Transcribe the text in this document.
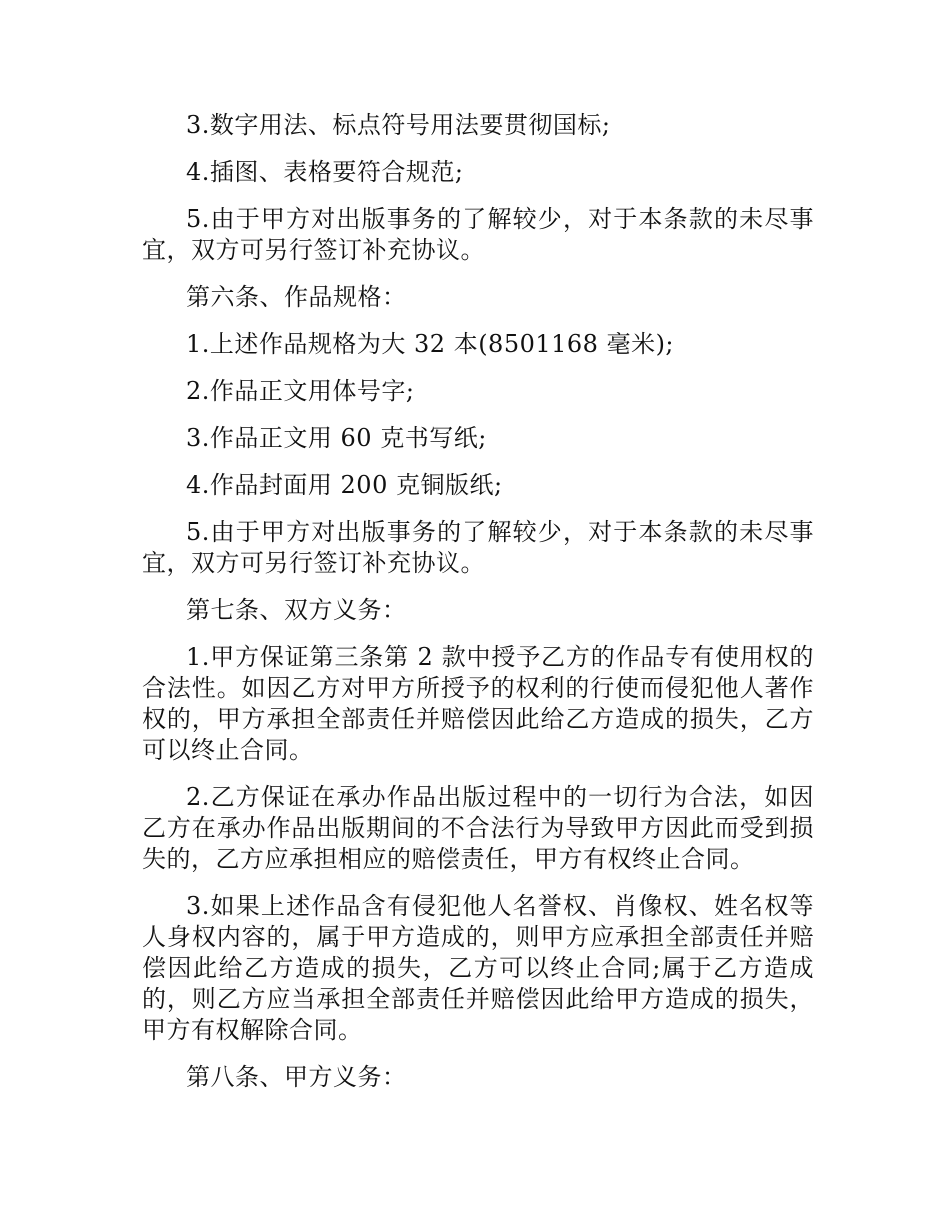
3.数字用法、标点符号用法要贯彻国标;

4.插图、表格要符合规范;

5.由于甲方对出版事务的了解较少，对于本条款的未尽事宜，双方可另行签订补充协议。

第六条、作品规格：

1.上述作品规格为大 32 本(8501168 毫米);

2.作品正文用体号字;

3.作品正文用 60 克书写纸;

4.作品封面用 200 克铜版纸;

5.由于甲方对出版事务的了解较少，对于本条款的未尽事宜，双方可另行签订补充协议。

第七条、双方义务：

1.甲方保证第三条第 2 款中授予乙方的作品专有使用权的合法性。如因乙方对甲方所授予的权利的行使而侵犯他人著作权的，甲方承担全部责任并赔偿因此给乙方造成的损失，乙方可以终止合同。

2.乙方保证在承办作品出版过程中的一切行为合法，如因乙方在承办作品出版期间的不合法行为导致甲方因此而受到损失的，乙方应承担相应的赔偿责任，甲方有权终止合同。

3.如果上述作品含有侵犯他人名誉权、肖像权、姓名权等人身权内容的，属于甲方造成的，则甲方应承担全部责任并赔偿因此给乙方造成的损失，乙方可以终止合同;属于乙方造成的，则乙方应当承担全部责任并赔偿因此给甲方造成的损失，甲方有权解除合同。

第八条、甲方义务：
